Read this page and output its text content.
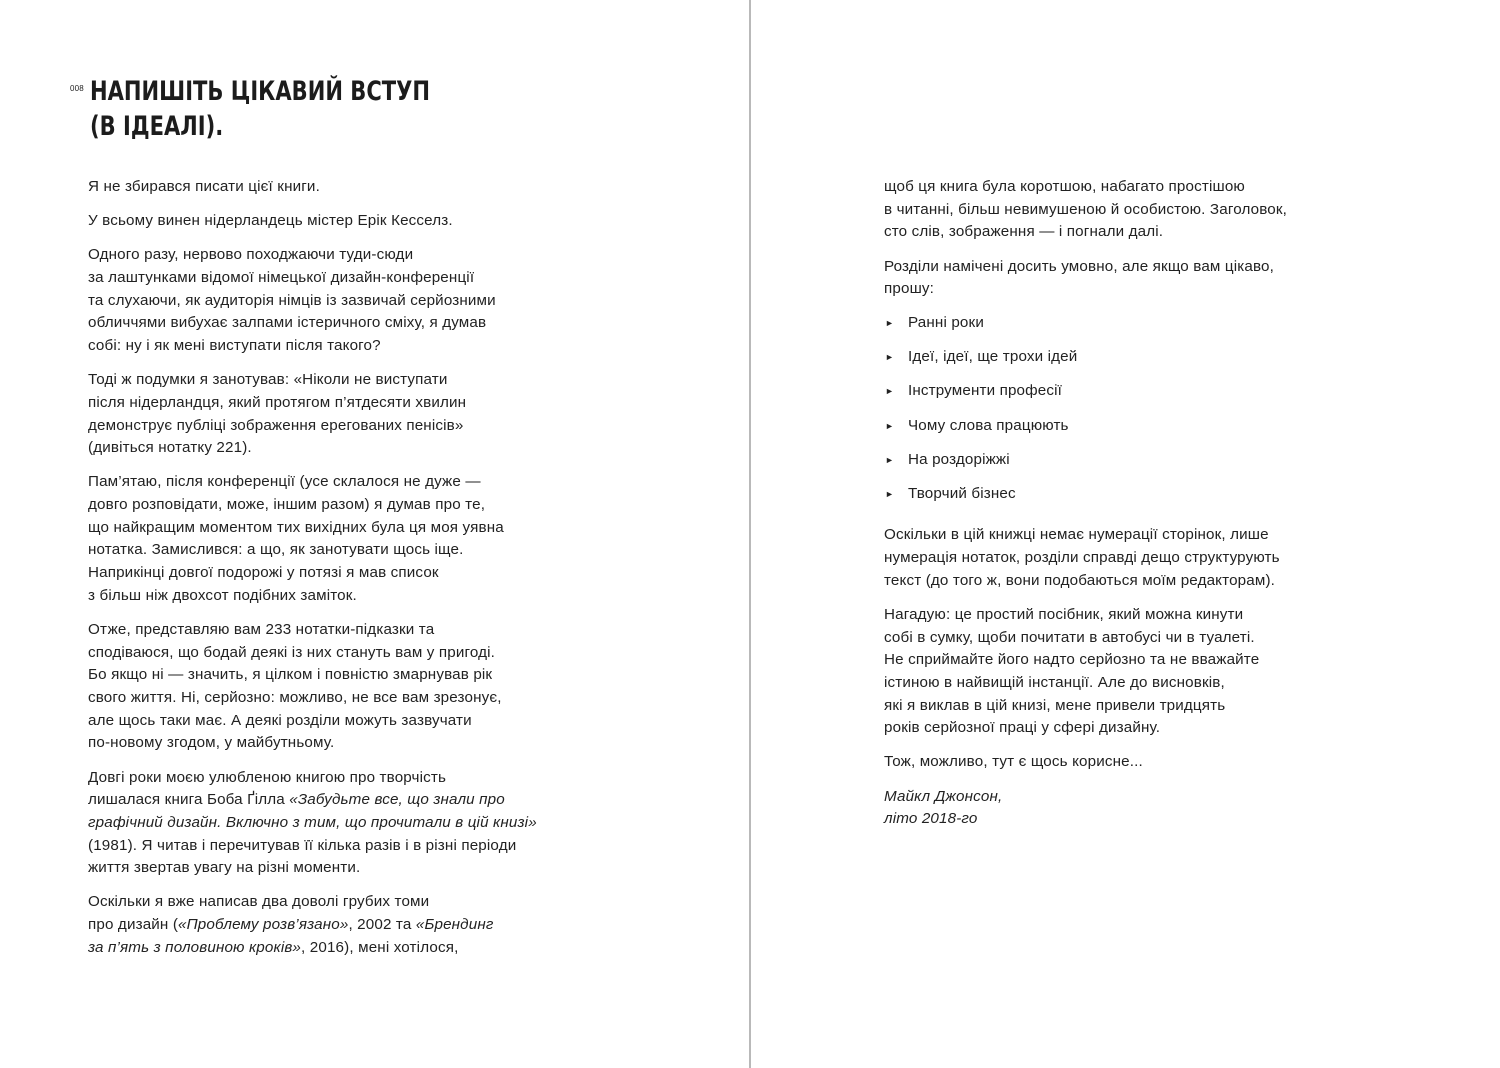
008 НАПИШІТЬ ЦІКАВИЙ ВСТУП
(В ІДЕАЛІ).

Я не збирався писати цієї книги.

У всьому винен нідерландець містер Ерік Кесселз.

Одного разу, нервово походжаючи туди-сюди
за лаштунками відомої німецької дизайн-конференції
та слухаючи, як аудиторія німців із зазвичай серйозними
обличчями вибухає залпами істеричного сміху, я думав
собі: ну і як мені виступати після такого?

Тоді ж подумки я занотував: «Ніколи не виступати
після нідерландця, який протягом п’ятдесяти хвилин
демонструє публіці зображення ерегованих пенісів»
(дивіться нотатку 221).

Пам’ятаю, після конференції (усе склалося не дуже —
довго розповідати, може, іншим разом) я думав про те,
що найкращим моментом тих вихідних була ця моя уявна
нотатка. Замислився: а що, як занотувати щось іще.
Наприкінці довгої подорожі у потязі я мав список
з більш ніж двохсот подібних заміток.

Отже, представляю вам 233 нотатки-підказки та
сподіваюся, що бодай деякі із них стануть вам у пригоді.
Бо якщо ні — значить, я цілком і повністю змарнував рік
свого життя. Ні, серйозно: можливо, не все вам зрезонує,
але щось таки має. А деякі розділи можуть зазвучати
по-новому згодом, у майбутньому.

Довгі роки моєю улюбленою книгою про творчість
лишалася книга Боба Ґілла «Забудьте все, що знали про
графічний дизайн. Включно з тим, що прочитали в цій книзі»
(1981). Я читав і перечитував її кілька разів і в різні періоди
життя звертав увагу на різні моменти.

Оскільки я вже написав два доволі грубих томи
про дизайн («Проблему розв’язано», 2002 та «Брендинг
за п’ять з половиною кроків», 2016), мені хотілося,

щоб ця книга була коротшою, набагато простішою
в читанні, більш невимушеною й особистою. Заголовок,
сто слів, зображення — і погнали далі.

Розділи намічені досить умовно, але якщо вам цікаво,
прошу:

► Ранні роки
► Ідеї, ідеї, ще трохи ідей
► Інструменти професії
► Чому слова працюють
► На роздоріжжі
► Творчий бізнес

Оскільки в цій книжці немає нумерації сторінок, лише
нумерація нотаток, розділи справді дещо структурують
текст (до того ж, вони подобаються моїм редакторам).

Нагадую: це простий посібник, який можна кинути
собі в сумку, щоби почитати в автобусі чи в туалеті.
Не сприймайте його надто серйозно та не вважайте
істиною в найвищій інстанції. Але до висновків,
які я виклав в цій книзі, мене привели тридцять
років серйозної праці у сфері дизайну.

Тож, можливо, тут є щось корисне...

Майкл Джонсон,
літо 2018-го
